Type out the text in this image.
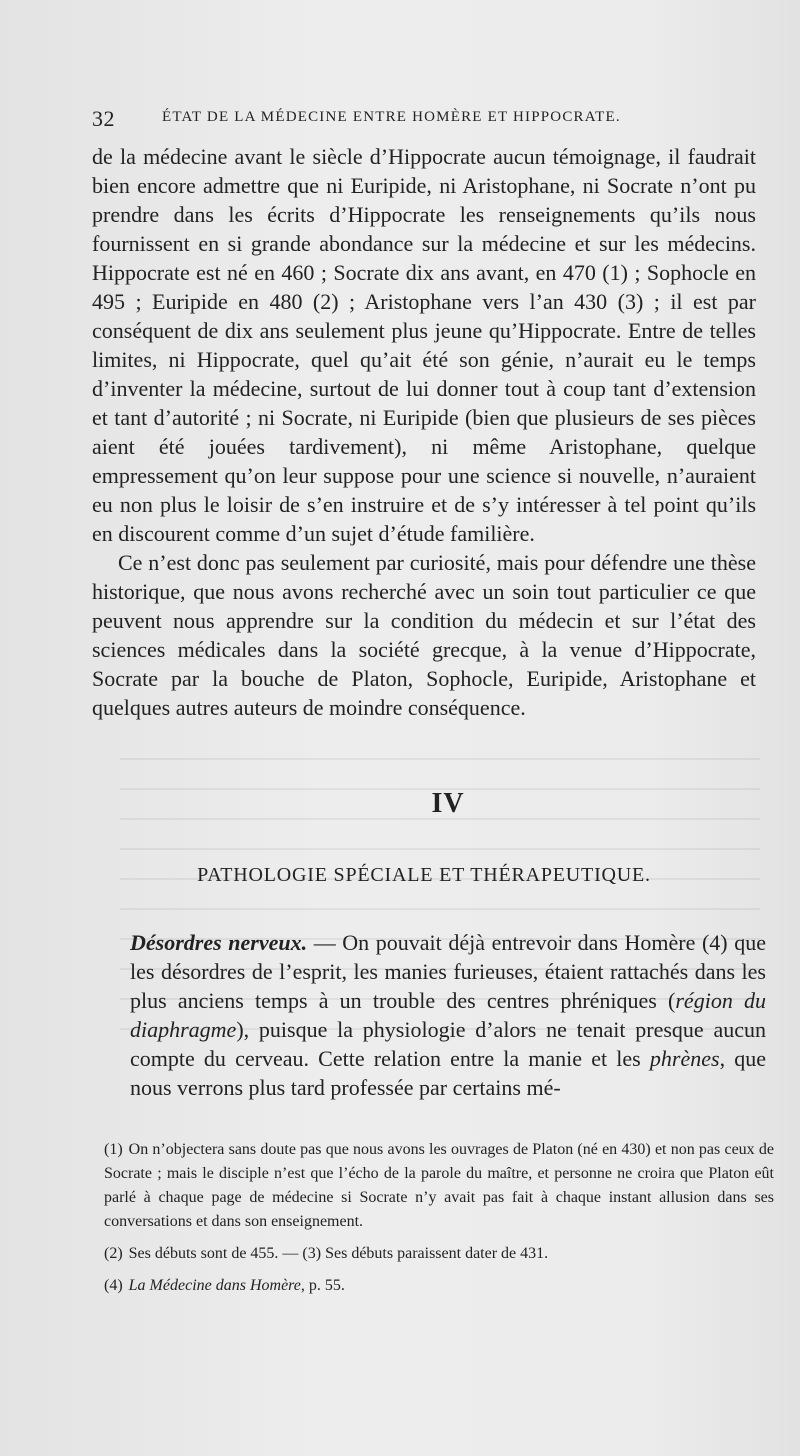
32	ÉTAT DE LA MÉDECINE ENTRE HOMÈRE ET HIPPOCRATE.

de la médecine avant le siècle d’Hippocrate aucun témoignage, il faudrait bien encore admettre que ni Euripide, ni Aristophane, ni Socrate n’ont pu prendre dans les écrits d’Hippocrate les renseignements qu’ils nous fournissent en si grande abondance sur la médecine et sur les médecins. Hippocrate est né en 460 ; Socrate dix ans avant, en 470 (1) ; Sophocle en 495 ; Euripide en 480 (2) ; Aristophane vers l’an 430 (3) ; il est par conséquent de dix ans seulement plus jeune qu’Hippocrate. Entre de telles limites, ni Hippocrate, quel qu’ait été son génie, n’aurait eu le temps d’inventer la médecine, surtout de lui donner tout à coup tant d’extension et tant d’autorité ; ni Socrate, ni Euripide (bien que plusieurs de ses pièces aient été jouées tardivement), ni même Aristophane, quelque empressement qu’on leur suppose pour une science si nouvelle, n’auraient eu non plus le loisir de s’en instruire et de s’y intéresser à tel point qu’ils en discourent comme d’un sujet d’étude familière.

Ce n’est donc pas seulement par curiosité, mais pour défendre une thèse historique, que nous avons recherché avec un soin tout particulier ce que peuvent nous apprendre sur la condition du médecin et sur l’état des sciences médicales dans la société grecque, à la venue d’Hippocrate, Socrate par la bouche de Platon, Sophocle, Euripide, Aristophane et quelques autres auteurs de moindre conséquence.

IV
PATHOLOGIE SPÉCIALE ET THÉRAPEUTIQUE.
Désordres nerveux. — On pouvait déjà entrevoir dans Homère (4) que les désordres de l’esprit, les manies furieuses, étaient rattachés dans les plus anciens temps à un trouble des centres phréniques (région du diaphragme), puisque la physiologie d’alors ne tenait presque aucun compte du cerveau. Cette relation entre la manie et les phrènes, que nous verrons plus tard professée par certains mé-

(1) On n’objectera sans doute pas que nous avons les ouvrages de Platon (né en 430) et non pas ceux de Socrate ; mais le disciple n’est que l’écho de la parole du maître, et personne ne croira que Platon eût parlé à chaque page de médecine si Socrate n’y avait pas fait à chaque instant allusion dans ses conversations et dans son enseignement.

(2) Ses débuts sont de 455. — (3) Ses débuts paraissent dater de 431.

(4) La Médecine dans Homère, p. 55.
